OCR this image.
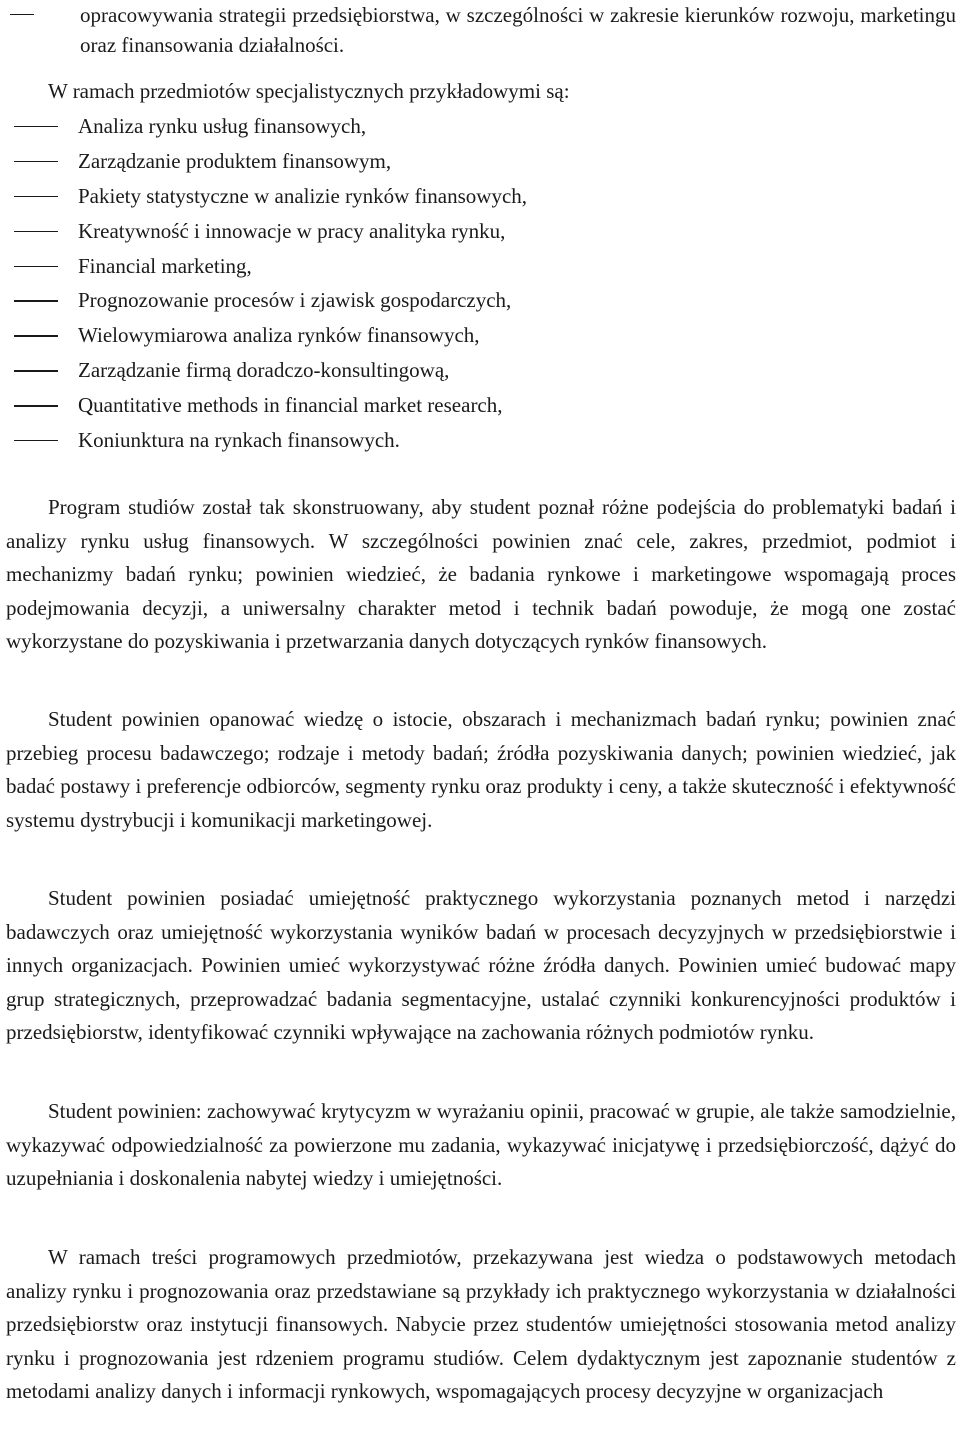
opracowywania strategii przedsiębiorstwa, w szczególności w zakresie kierunków rozwoju, marketingu oraz finansowania działalności.
W ramach przedmiotów specjalistycznych przykładowymi są:
Analiza rynku usług finansowych,
Zarządzanie produktem finansowym,
Pakiety statystyczne w analizie rynków finansowych,
Kreatywność i innowacje w pracy analityka rynku,
Financial marketing,
Prognozowanie procesów i zjawisk gospodarczych,
Wielowymiarowa analiza rynków finansowych,
Zarządzanie firmą doradczo-konsultingową,
Quantitative methods in financial market research,
Koniunktura na rynkach finansowych.

Program studiów został tak skonstruowany, aby student poznał różne podejścia do problematyki badań i analizy rynku usług finansowych. W szczególności powinien znać cele, zakres, przedmiot, podmiot i mechanizmy badań rynku; powinien wiedzieć, że badania rynkowe i marketingowe wspomagają proces podejmowania decyzji, a uniwersalny charakter metod i technik badań powoduje, że mogą one zostać wykorzystane do pozyskiwania i przetwarzania danych dotyczących rynków finansowych.

Student powinien opanować wiedzę o istocie, obszarach i mechanizmach badań rynku; powinien znać przebieg procesu badawczego; rodzaje i metody badań; źródła pozyskiwania danych; powinien wiedzieć, jak badać postawy i preferencje odbiorców, segmenty rynku oraz produkty i ceny, a także skuteczność i efektywność systemu dystrybucji i komunikacji marketingowej.

Student powinien posiadać umiejętność praktycznego wykorzystania poznanych metod i narzędzi badawczych oraz umiejętność wykorzystania wyników badań w procesach decyzyjnych w przedsiębiorstwie i innych organizacjach. Powinien umieć wykorzystywać różne źródła danych. Powinien umieć budować mapy grup strategicznych, przeprowadzać badania segmentacyjne, ustalać czynniki konkurencyjności produktów i przedsiębiorstw, identyfikować czynniki wpływające na zachowania różnych podmiotów rynku.

Student powinien: zachowywać krytycyzm w wyrażaniu opinii, pracować w grupie, ale także samodzielnie, wykazywać odpowiedzialność za powierzone mu zadania, wykazywać inicjatywę i przedsiębiorczość, dążyć do uzupełniania i doskonalenia nabytej wiedzy i umiejętności.

W ramach treści programowych przedmiotów, przekazywana jest wiedza o podstawowych metodach analizy rynku i prognozowania oraz przedstawiane są przykłady ich praktycznego wykorzystania w działalności przedsiębiorstw oraz instytucji finansowych. Nabycie przez studentów umiejętności stosowania metod analizy rynku i prognozowania jest rdzeniem programu studiów. Celem dydaktycznym jest zapoznanie studentów z metodami analizy danych i informacji rynkowych, wspomagających procesy decyzyjne w organizacjach
